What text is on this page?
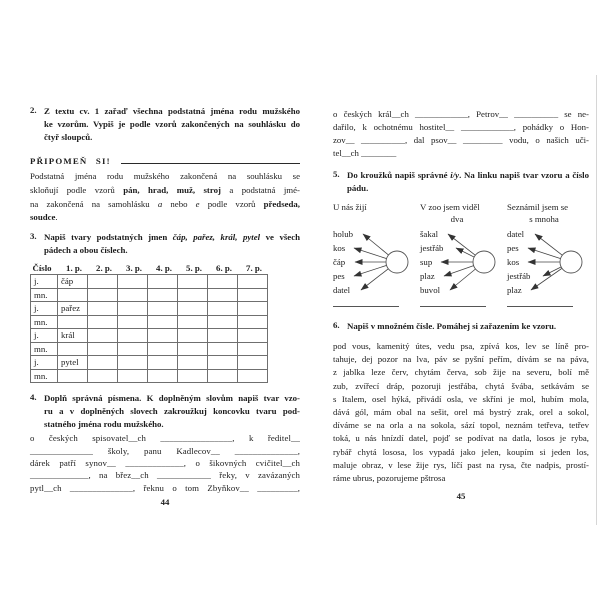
2. Z textu cv. 1 zařaď všechna podstatná jména rodu mužského
ke vzorům. Vypiš je podle vzorů zakončených na souhlásku do
čtyř sloupců.
PŘIPOMEŇ SI!
Podstatná jména rodu mužského zakončená na souhlásku se
skloňují podle vzorů pán, hrad, muž, stroj a podstatná jmé-
na zakončená na samohlásku a nebo e podle vzorů předseda,
soudce.
3. Napiš tvary podstatných jmen čáp, pařez, král, pytel ve všech
pádech a obou číslech.
Číslo	1. p.	2. p.	3. p.	4. p.	5. p.	6. p.	7. p.
j.	čáp						
mn.							
j.	pařez						
mn.							
j.	král						
mn.							
j.	pytel						
mn.							
4. Doplň správná písmena. K doplněným slovům napiš tvar vzo-
ru a v doplněných slovech zakroužkuj koncovku tvaru pod-
statného jména rodu mužského.
o českých spisovatel__ch ________________, k ředitel__
______________ školy, panu Kadlecov__ ______________,
dárek patří synov__ _____________, o šikovných cvičitel__ch
_____________, na břez__ch ____________ řeky, v zavázaných
pytl__ch ______________, řeknu o tom Zbyňkov__ _________,
44
o českých král__ch ____________, Petrov__ __________ se ne-
dařilo, k ochotnému hostitel__ ____________, pohádky o Hon-
zov__ __________, dal psov__ _________ vodu, o našich uči-
tel__ch ________
5. Do kroužků napiš správné i/y. Na linku napiš tvar vzoru a číslo
pádu.
U nás žijí
holub
kos
čáp
pes
datel
V zoo jsem viděl
dva
šakal
jestřáb
sup
plaz
buvol
Seznámil jsem se
s mnoha
datel
pes
kos
jestřáb
plaz
6. Napiš v množném čísle. Pomáhej si zařazením ke vzoru.
pod vous, kamenitý útes, vedu psa, zpívá kos, lev se líně pro-
tahuje, dej pozor na lva, páv se pyšní peřím, dívám se na páva,
z jablka leze červ, chytám červa, sob žije na severu, bolí mě
zub, zvířecí dráp, pozoruji jestřába, chytá švába, setkávám se
s Italem, osel hýká, přivádí osla, ve skříni je mol, hubím mola,
dává gól, mám obal na sešit, orel má bystrý zrak, orel a sokol,
díváme se na orla a na sokola, sází topol, neznám tetřeva, tetřev
toká, u nás hnízdí datel, pojď se podívat na datla, losos je ryba,
rybář chytá lososa, los vypadá jako jelen, koupím si jeden los,
maluje obraz, v lese žije rys, líčí past na rysa, čte nadpis, prostí-
ráme ubrus, pozorujeme pštrosa
45
